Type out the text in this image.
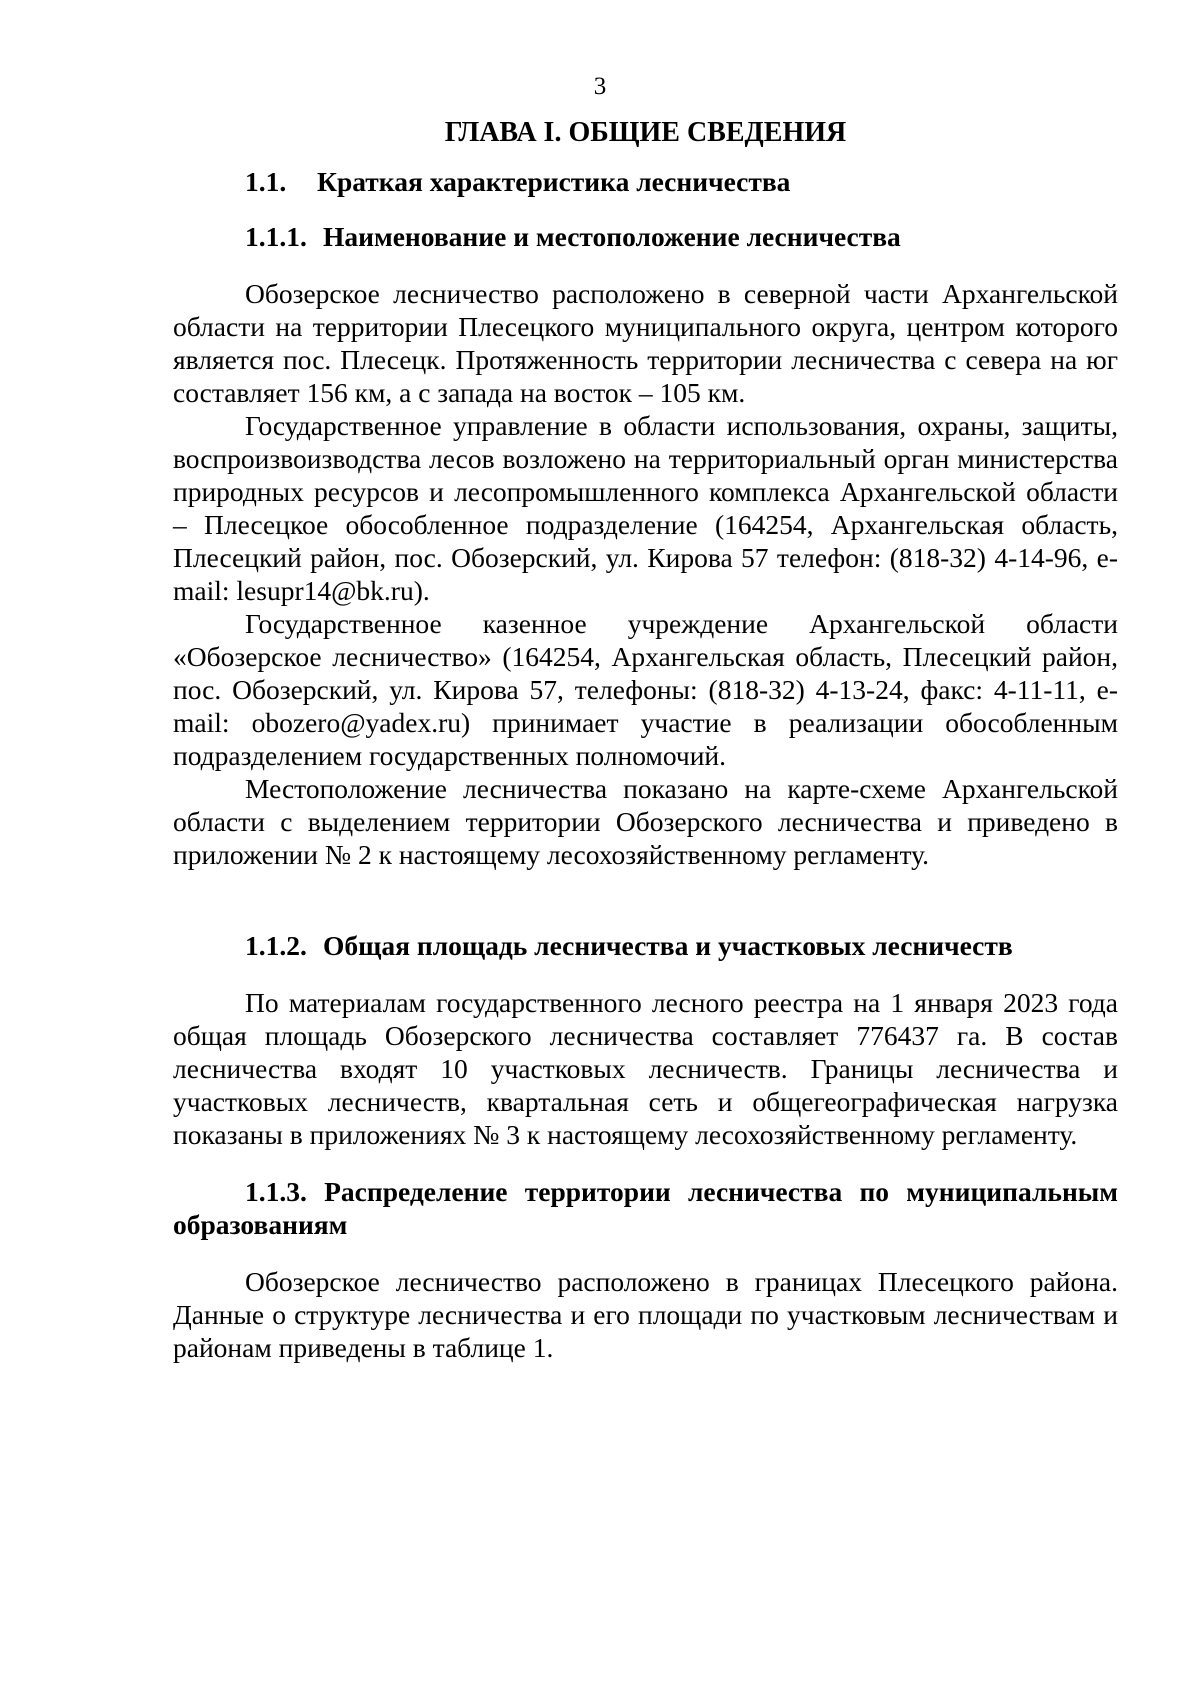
3
ГЛАВА I. ОБЩИЕ СВЕДЕНИЯ
1.1.	Краткая характеристика лесничества
1.1.1. Наименование и местоположение лесничества

Обозерское лесничество расположено в северной части Архангельской области на территории Плесецкого муниципального округа, центром которого является пос. Плесецк. Протяженность территории лесничества с севера на юг составляет 156 км, а с запада на восток – 105 км.

Государственное управление в области использования, охраны, защиты, воспроизвоизводства лесов возложено на территориальный орган министерства природных ресурсов и лесопромышленного комплекса Архангельской области – Плесецкое обособленное подразделение (164254, Архангельская область, Плесецкий район, пос. Обозерский, ул. Кирова 57 телефон: (818-32) 4-14-96, e-mail: lesupr14@bk.ru).

Государственное казенное учреждение Архангельской области «Обозерское лесничество» (164254, Архангельская область, Плесецкий район, пос. Обозерский, ул. Кирова 57, телефоны: (818-32) 4-13-24, факс: 4-11-11, e-mail: obozero@yadex.ru) принимает участие в реализации обособленным подразделением государственных полномочий.

Местоположение лесничества показано на карте-схеме Архангельской области с выделением территории Обозерского лесничества и приведено в приложении № 2 к настоящему лесохозяйственному регламенту.

1.1.2. Общая площадь лесничества и участковых лесничеств

По материалам государственного лесного реестра на 1 января 2023 года общая площадь Обозерского лесничества составляет 776437 га. В состав лесничества входят 10 участковых лесничеств. Границы лесничества и участковых лесничеств, квартальная сеть и общегеографическая нагрузка показаны в приложениях № 3 к настоящему лесохозяйственному регламенту.

1.1.3. Распределение территории лесничества по муниципальным образованиям

Обозерское лесничество расположено в границах Плесецкого района. Данные о структуре лесничества и его площади по участковым лесничествам и районам приведены в таблице 1.
